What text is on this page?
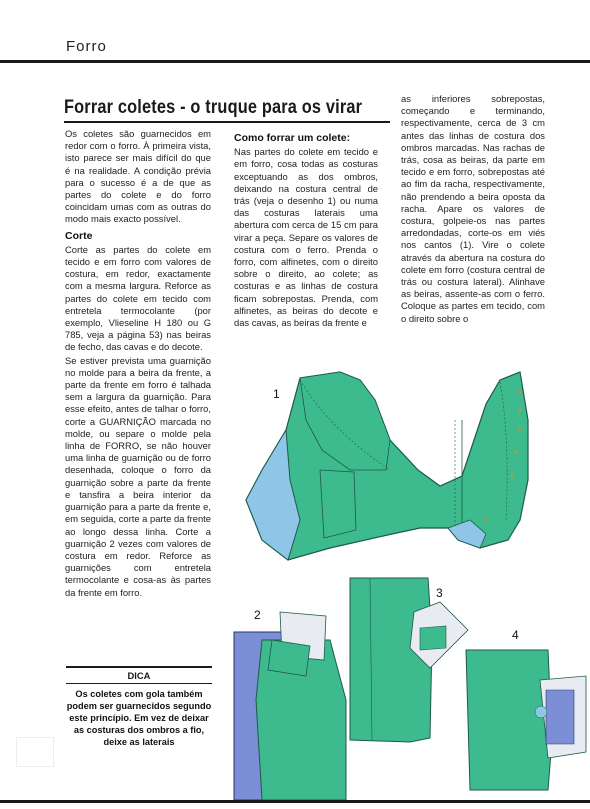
Forro
Forrar coletes - o truque para os virar

Os coletes são guarnecidos em redor com o forro. À primeira vista, isto parece ser mais difícil do que é na realidade. A condição prévia para o sucesso é a de que as partes do colete e do forro coincidam umas com as outras do modo mais exacto possível.

Corte

Corte as partes do colete em tecido e em forro com valores de costura, em redor, exactamente com a mesma largura. Reforce as partes do colete em tecido com entretela termocolante (por exemplo, Vlieseline H 180 ou G 785, veja a página 53) nas beiras de fecho, das cavas e do decote.

Se estiver prevista uma guarnição no molde para a beira da frente, a parte da frente em forro é talhada sem a largura da guarnição. Para esse efeito, antes de talhar o forro, corte a GUARNIÇÃO marcada no molde, ou separe o molde pela linha de FORRO, se não houver uma linha de guarnição ou de forro desenhada, coloque o forro da guarnição sobre a parte da frente e tansfira a beira interior da guarnição para a parte da frente e, em seguida, corte a parte da frente ao longo dessa linha. Corte a guarnição 2 vezes com valores de costura em redor. Reforce as guarnições com entretela termocolante e cosa-as às partes da frente em forro.

Como forrar um colete:

Nas partes do colete em tecido e em forro, cosa todas as costuras exceptuando as dos ombros, deixando na costura central de trás (veja o desenho 1) ou numa das costuras laterais uma abertura com cerca de 15 cm para virar a peça. Separe os valores de costura com o ferro. Prenda o forro, com alfinetes, com o direito sobre o direito, ao colete; as costuras e as linhas de costura ficam sobrepostas. Prenda, com alfinetes, as beiras do decote e das cavas, as beiras da frente e

as inferiores sobrepostas, começando e terminando, respectivamente, cerca de 3 cm antes das linhas de costura dos ombros marcadas. Nas rachas de trás, cosa as beiras, da parte em tecido e em forro, sobrepostas até ao fim da racha, respectivamente, não prendendo a beira oposta da racha. Apare os valores de costura, golpeie-os nas partes arredondadas, corte-os em viés nos cantos (1). Vire o colete através da abertura na costura do colete em forro (costura central de trás ou costura lateral). Alinhave as beiras, assente-as com o ferro. Coloque as partes em tecido, com o direito sobre o

DICA
Os coletes com gola também podem ser guarnecidos segundo este princípio. Em vez de deixar as costuras dos ombros a fio, deixe as laterais
1
2
3
4
